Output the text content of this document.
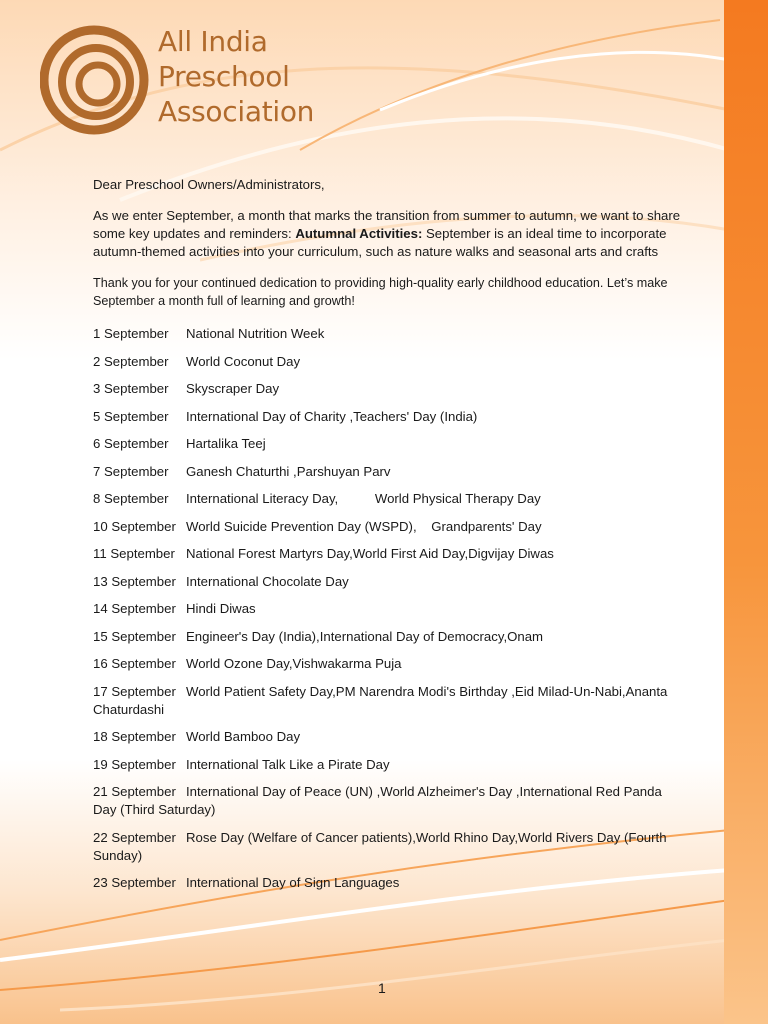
All India
Preschool
Association

Dear Preschool Owners/Administrators,

As we enter September, a month that marks the transition from summer to autumn, we want to share some key updates and reminders: Autumnal Activities: September is an ideal time to incorporate autumn-themed activities into your curriculum, such as nature walks and seasonal arts and crafts

Thank you for your continued dedication to providing high-quality early childhood education. Let’s make September a month full of learning and growth!

1 September National Nutrition Week
2 September World Coconut Day
3 September Skyscraper Day
5 September International Day of Charity ,Teachers' Day (India)
6 September Hartalika Teej
7 September Ganesh Chaturthi ,Parshuyan Parv
8 September International Literacy Day,          World Physical Therapy Day
10 September World Suicide Prevention Day (WSPD),    Grandparents' Day
11 September National Forest Martyrs Day,World First Aid Day,Digvijay Diwas
13 September International Chocolate Day
14 September Hindi Diwas
15 September Engineer's Day (India),International Day of Democracy,Onam
16 September World Ozone Day,Vishwakarma Puja
17 September World Patient Safety Day,PM Narendra Modi's Birthday ,Eid Milad-Un-Nabi,Ananta Chaturdashi
18 September World Bamboo Day
19 September International Talk Like a Pirate Day
21 September International Day of Peace (UN) ,World Alzheimer's Day ,International Red Panda Day (Third Saturday)
22 September Rose Day (Welfare of Cancer patients),World Rhino Day,World Rivers Day (Fourth Sunday)
23 September International Day of Sign Languages
1
